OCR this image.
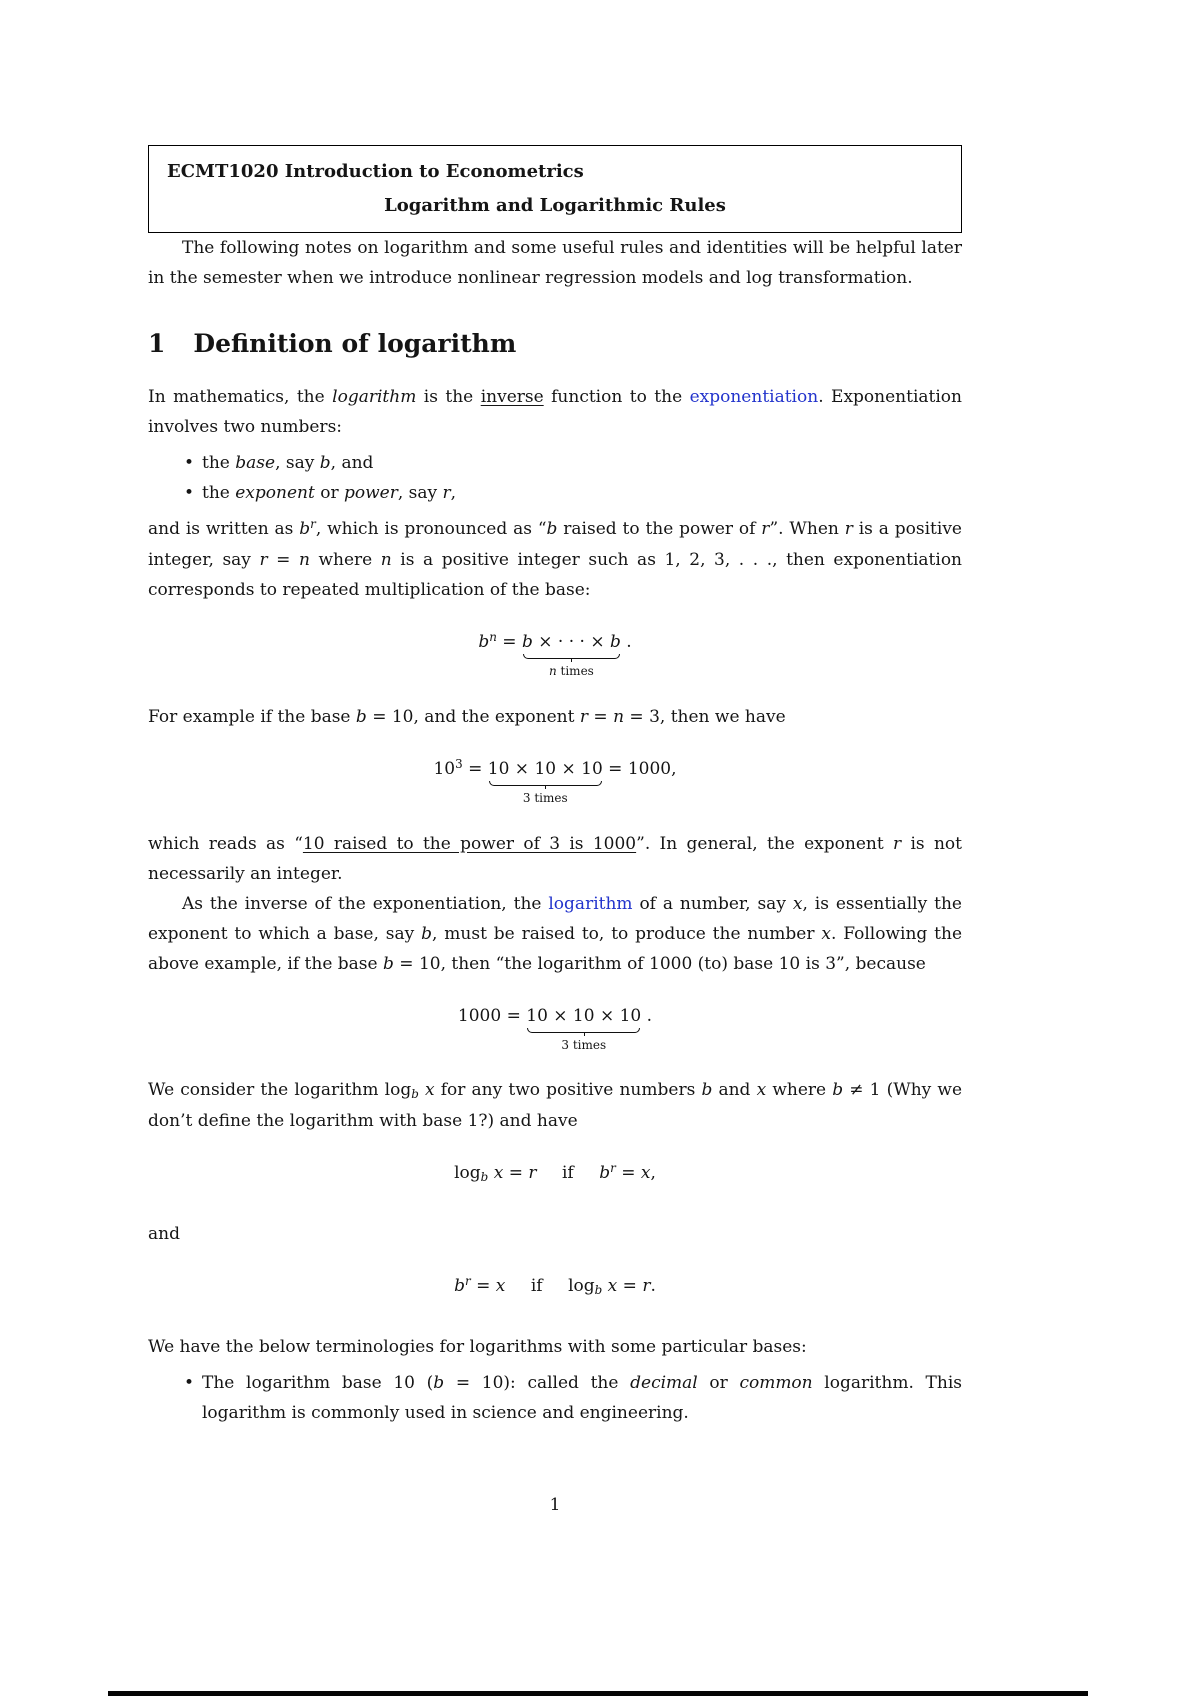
ECMT1020 Introduction to Econometrics
Logarithm and Logarithmic Rules

The following notes on logarithm and some useful rules and identities will be helpful later in the semester when we introduce nonlinear regression models and log transformation.

1 Definition of logarithm

In mathematics, the logarithm is the inverse function to the exponentiation. Exponentiation involves two numbers:

• the base, say b, and
• the exponent or power, say r,

and is written as $b^r$, which is pronounced as “b raised to the power of r”. When r is a positive integer, say r = n where n is a positive integer such as 1, 2, 3, . . ., then exponentiation corresponds to repeated multiplication of the base:

$b^n = b$ × · · · × b
n times
.

For example if the base b = 10, and the exponent r = n = 3, then we have

$10^3 = 10 \times 10 \times 10$
3 times
= 1000,

which reads as “10 raised to the power of 3 is 1000”. In general, the exponent r is not necessarily an integer.

As the inverse of the exponentiation, the logarithm of a number, say x, is essentially the exponent to which a base, say b, must be raised to, to produce the number x. Following the above example, if the base b = 10, then “the logarithm of 1000 (to) base 10 is 3”, because

1000 = 10 × 10 × 10
3 times
.

We consider the logarithm logb x for any two positive numbers b and x where b ≠ 1 (Why we don’t define the logarithm with base 1?) and have

logb x = r if $b^r = x$,

and

$b^r = x$ if logb x = r.

We have the below terminologies for logarithms with some particular bases:

• The logarithm base 10 (b = 10): called the decimal or common logarithm. This logarithm is commonly used in science and engineering.
1
